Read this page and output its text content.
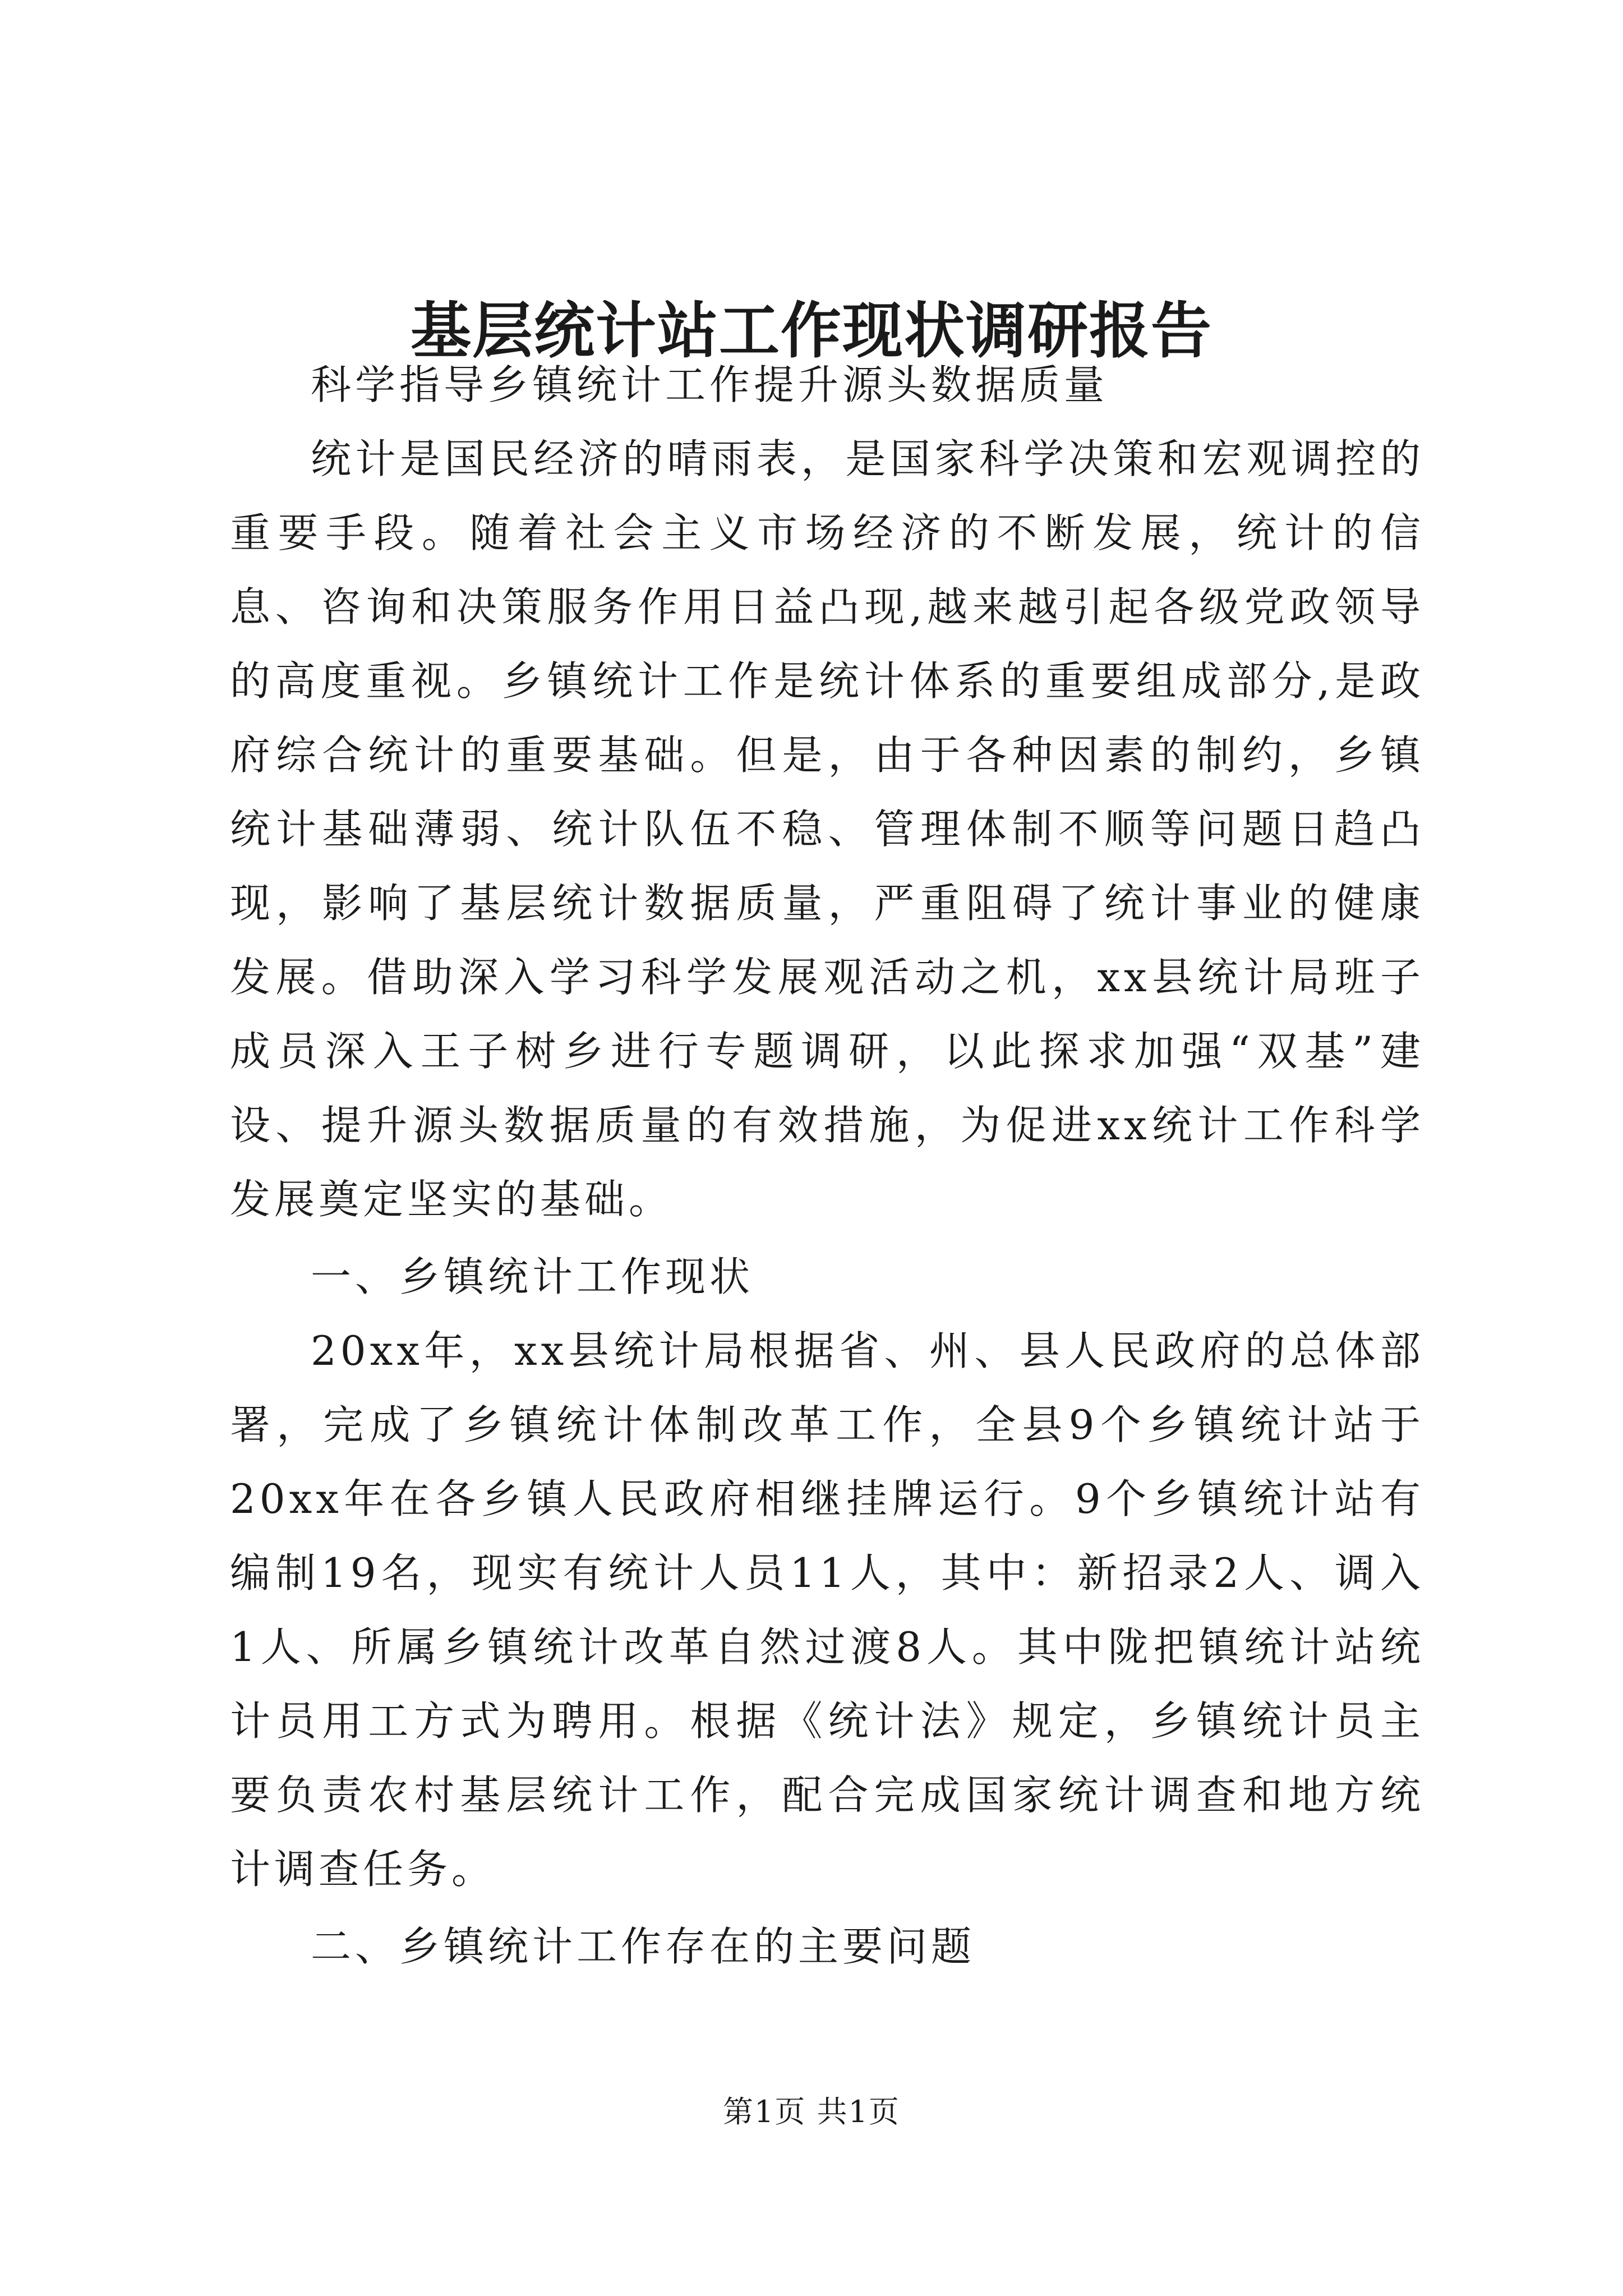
基层统计站工作现状调研报告

科学指导乡镇统计工作提升源头数据质量

统计是国民经济的晴雨表，是国家科学决策和宏观调控的重要手段。随着社会主义市场经济的不断发展，统计的信息、咨询和决策服务作用日益凸现,越来越引起各级党政领导的高度重视。乡镇统计工作是统计体系的重要组成部分,是政府综合统计的重要基础。但是，由于各种因素的制约，乡镇统计基础薄弱、统计队伍不稳、管理体制不顺等问题日趋凸现，影响了基层统计数据质量，严重阻碍了统计事业的健康发展。借助深入学习科学发展观活动之机，xx县统计局班子成员深入王子树乡进行专题调研，以此探求加强“双基”建设、提升源头数据质量的有效措施，为促进xx统计工作科学发展奠定坚实的基础。

一、乡镇统计工作现状

20xx年，xx县统计局根据省、州、县人民政府的总体部署，完成了乡镇统计体制改革工作，全县9个乡镇统计站于20xx年在各乡镇人民政府相继挂牌运行。9个乡镇统计站有编制19名，现实有统计人员11人，其中：新招录2人、调入1人、所属乡镇统计改革自然过渡8人。其中陇把镇统计站统计员用工方式为聘用。根据《统计法》规定，乡镇统计员主要负责农村基层统计工作，配合完成国家统计调查和地方统计调查任务。

二、乡镇统计工作存在的主要问题

第1页 共1页
